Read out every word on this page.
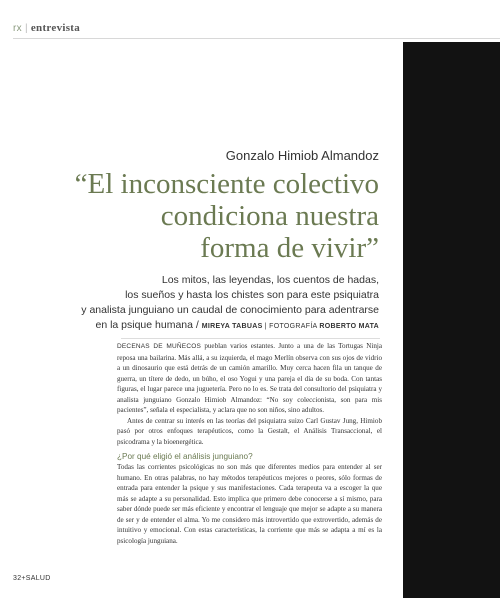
rx | entrevista
Gonzalo Himiob Almandoz
“El inconsciente colectivo
condiciona nuestra
forma de vivir”
Los mitos, las leyendas, los cuentos de hadas,
los sueños y hasta los chistes son para este psiquiatra
y analista junguiano un caudal de conocimiento para adentrarse
en la psique humana / MIREYA TABUAS | FOTOGRAFÍA ROBERTO MATA

DECENAS DE MUÑECOS pueblan varios estantes. Junto a una de las Tortugas Ninja reposa una bailarina. Más allá, a su izquierda, el mago Merlín observa con sus ojos de vidrio a un dinosaurio que está detrás de un camión amarillo. Muy cerca hacen fila un tanque de guerra, un títere de dedo, un búho, el oso Yogui y una pareja el día de su boda. Con tantas figuras, el lugar parece una juguetería. Pero no lo es. Se trata del consultorio del psiquiatra y analista junguiano Gonzalo Himiob Almandoz: “No soy coleccionista, son para mis pacientes”, señala el especialista, y aclara que no son niños, sino adultos.

Antes de centrar su interés en las teorías del psiquiatra suizo Carl Gustav Jung, Himiob pasó por otros enfoques terapéuticos, como la Gestalt, el Análisis Transaccional, el psicodrama y la bioenergética.

¿Por qué eligió el análisis junguiano?

Todas las corrientes psicológicas no son más que diferentes medios para entender al ser humano. En otras palabras, no hay métodos terapéuticos mejores o peores, sólo formas de entrada para entender la psique y sus manifestaciones. Cada terapeuta va a escoger la que más se adapte a su personalidad. Esto implica que primero debe conocerse a sí mismo, para saber dónde puede ser más eficiente y encontrar el lenguaje que mejor se adapte a su manera de ser y de entender el alma. Yo me considero más introvertido que extrovertido, además de intuitivo y emocional. Con estas características, la corriente que más se adapta a mí es la psicología junguiana.

32+SALUD
